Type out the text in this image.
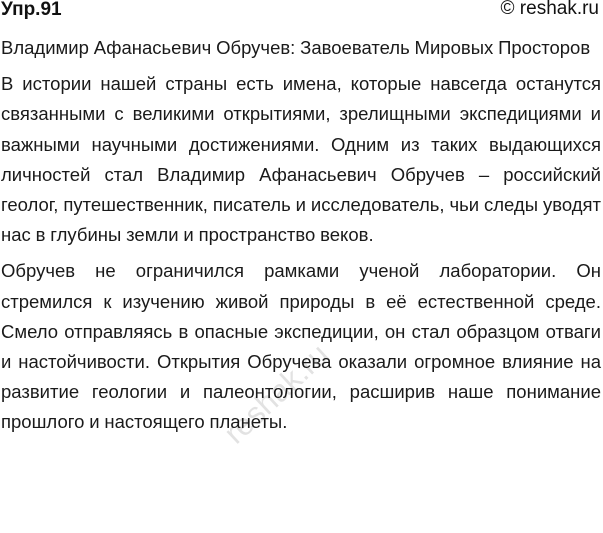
Упр.91	© reshak.ru

Владимир Афанасьевич Обручев: Завоеватель Мировых Просторов

В истории нашей страны есть имена, которые навсегда останутся связанными с великими открытиями, зрелищными экспедициями и важными научными достижениями. Одним из таких выдающихся личностей стал Владимир Афанасьевич Обручев – российский геолог, путешественник, писатель и исследователь, чьи следы уводят нас в глубины земли и пространство веков.

Обручев не ограничился рамками ученой лаборатории. Он стремился к изучению живой природы в её естественной среде. Смело отправляясь в опасные экспедиции, он стал образцом отваги и настойчивости. Открытия Обручева оказали огромное влияние на развитие геологии и палеонтологии, расширив наше понимание прошлого и настоящего планеты.

reshak.ru
